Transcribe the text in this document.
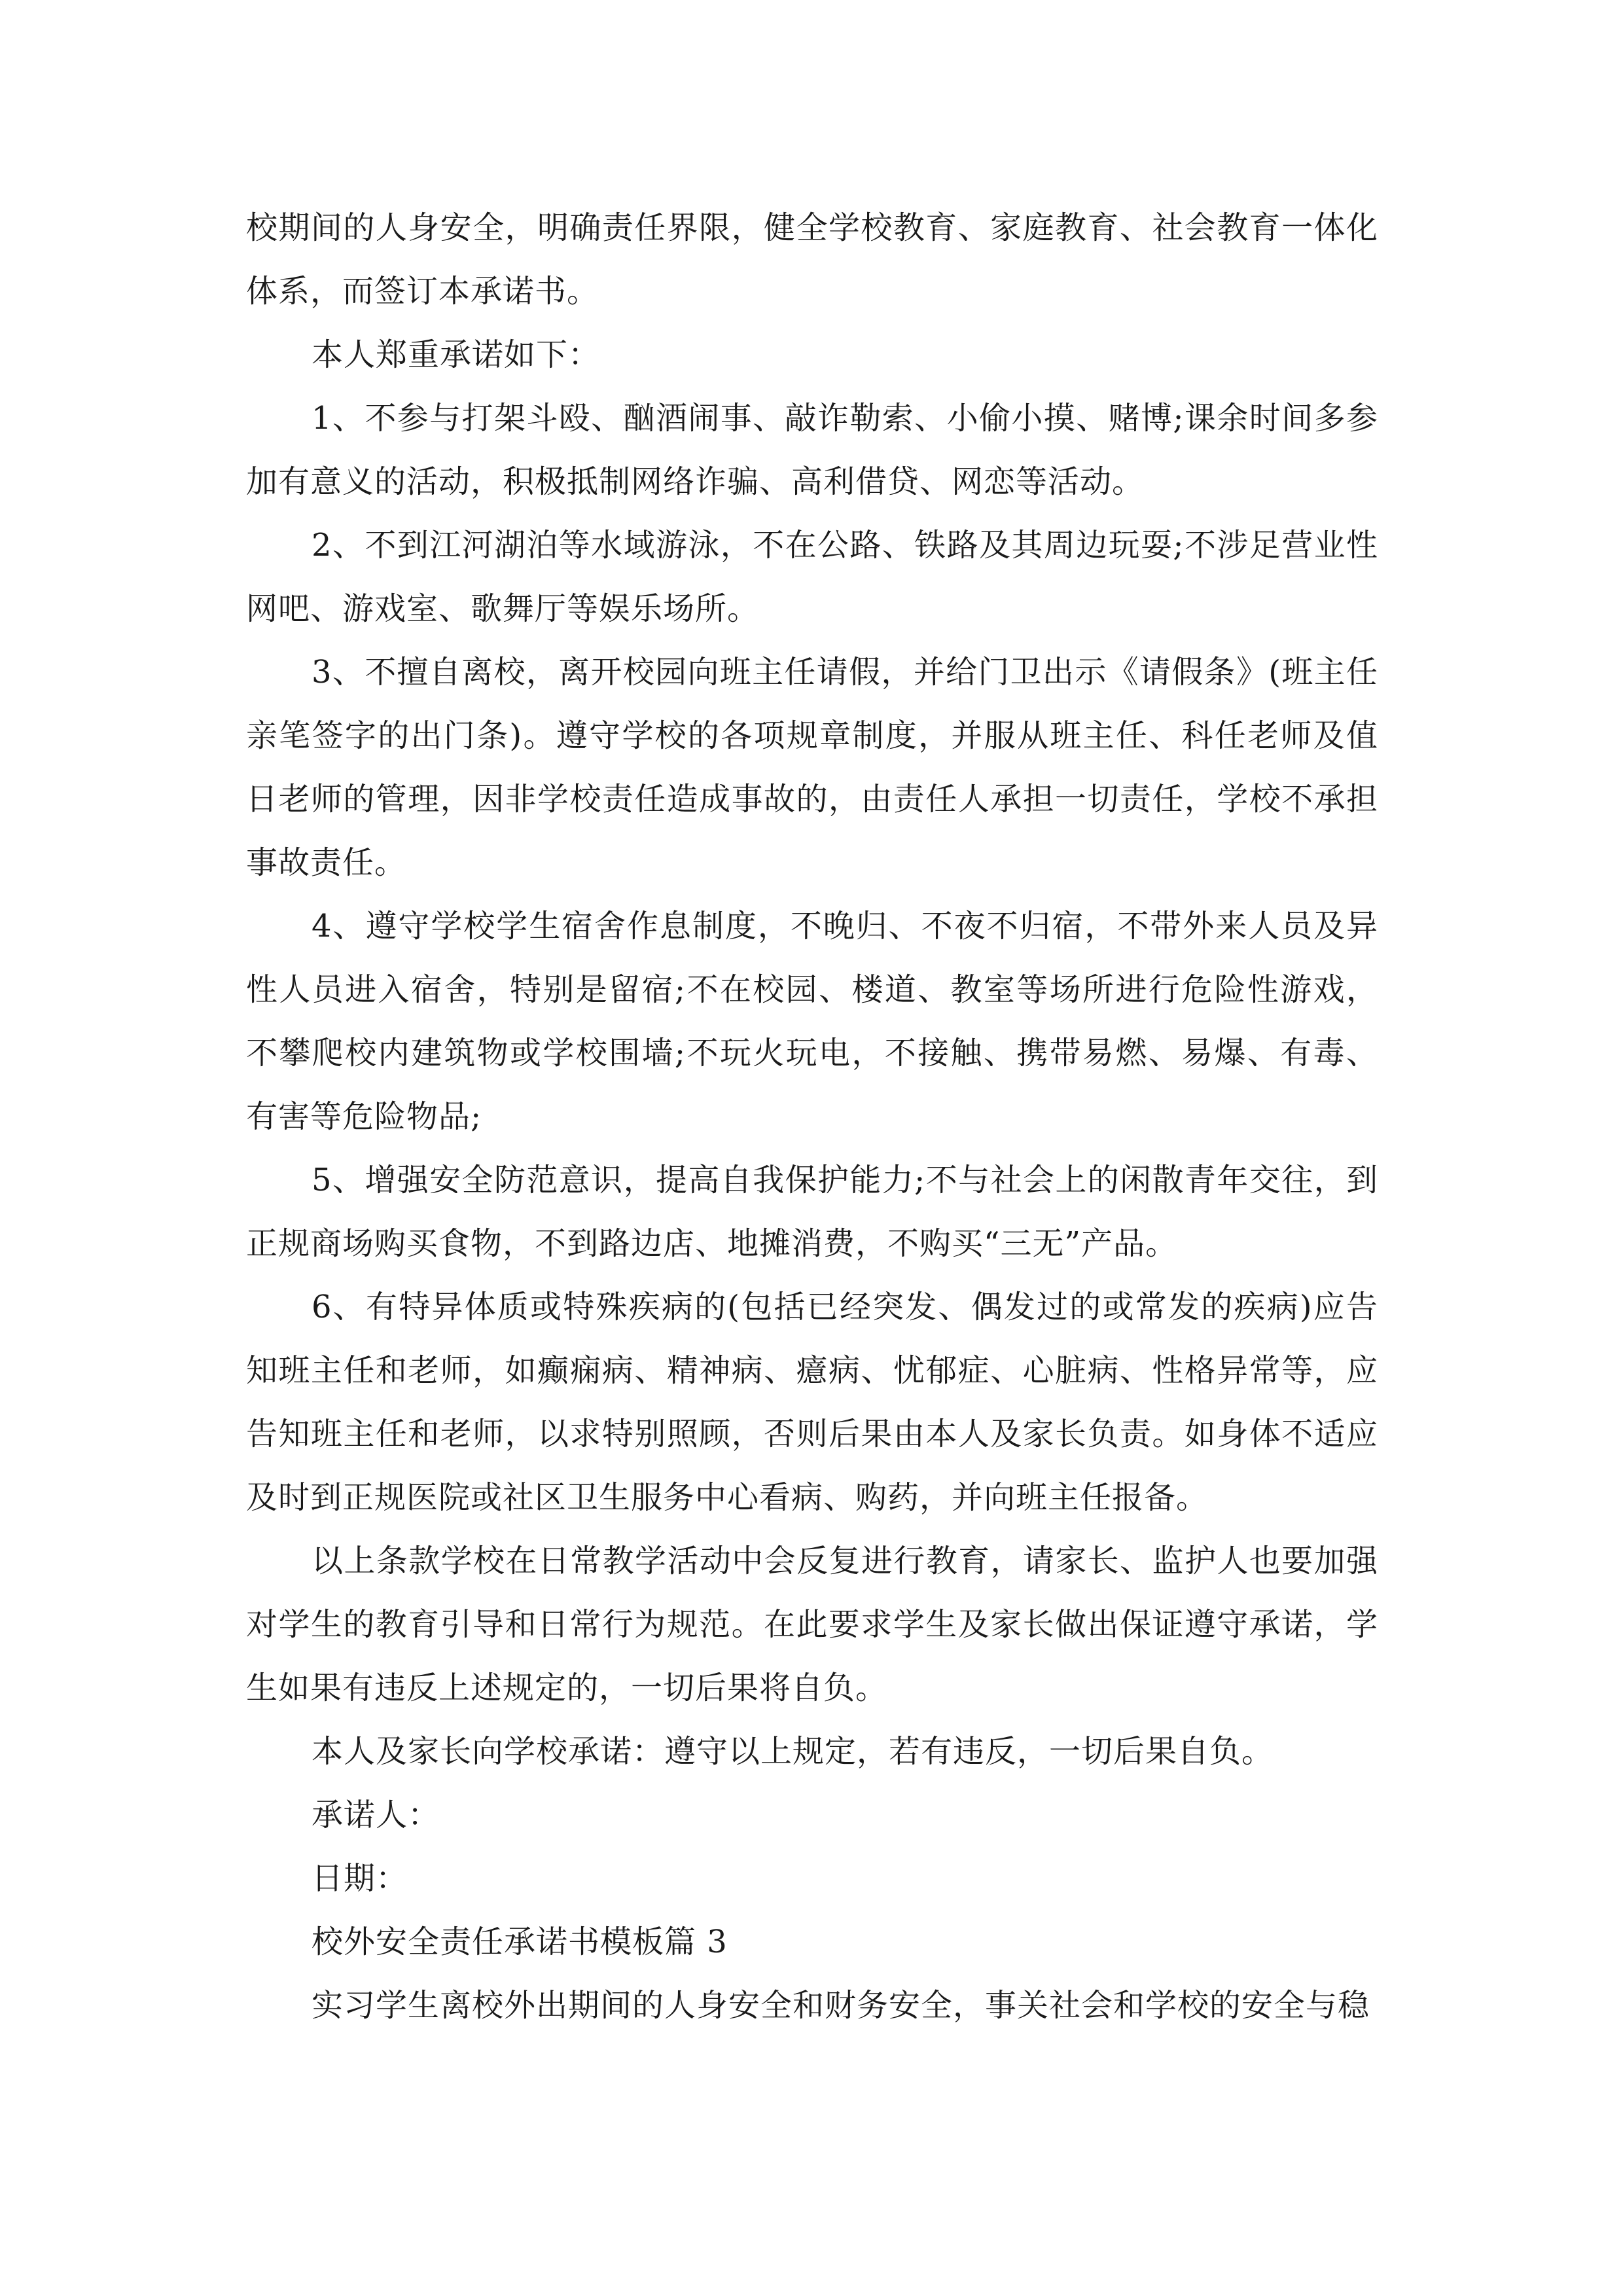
校期间的人身安全，明确责任界限，健全学校教育、家庭教育、社会教育一体化体系，而签订本承诺书。

本人郑重承诺如下：

1、不参与打架斗殴、酗酒闹事、敲诈勒索、小偷小摸、赌博;课余时间多参加有意义的活动，积极抵制网络诈骗、高利借贷、网恋等活动。

2、不到江河湖泊等水域游泳，不在公路、铁路及其周边玩耍;不涉足营业性网吧、游戏室、歌舞厅等娱乐场所。

3、不擅自离校，离开校园向班主任请假，并给门卫出示《请假条》(班主任亲笔签字的出门条)。遵守学校的各项规章制度，并服从班主任、科任老师及值日老师的管理，因非学校责任造成事故的，由责任人承担一切责任，学校不承担事故责任。

4、遵守学校学生宿舍作息制度，不晚归、不夜不归宿，不带外来人员及异性人员进入宿舍，特别是留宿;不在校园、楼道、教室等场所进行危险性游戏，不攀爬校内建筑物或学校围墙;不玩火玩电，不接触、携带易燃、易爆、有毒、有害等危险物品;

5、增强安全防范意识，提高自我保护能力;不与社会上的闲散青年交往，到正规商场购买食物，不到路边店、地摊消费，不购买“三无”产品。

6、有特异体质或特殊疾病的(包括已经突发、偶发过的或常发的疾病)应告知班主任和老师，如癫痫病、精神病、癔病、忧郁症、心脏病、性格异常等，应告知班主任和老师，以求特别照顾，否则后果由本人及家长负责。如身体不适应及时到正规医院或社区卫生服务中心看病、购药，并向班主任报备。

以上条款学校在日常教学活动中会反复进行教育，请家长、监护人也要加强对学生的教育引导和日常行为规范。在此要求学生及家长做出保证遵守承诺，学生如果有违反上述规定的，一切后果将自负。

本人及家长向学校承诺：遵守以上规定，若有违反，一切后果自负。

承诺人：

日期：

校外安全责任承诺书模板篇 3

实习学生离校外出期间的人身安全和财务安全，事关社会和学校的安全与稳
